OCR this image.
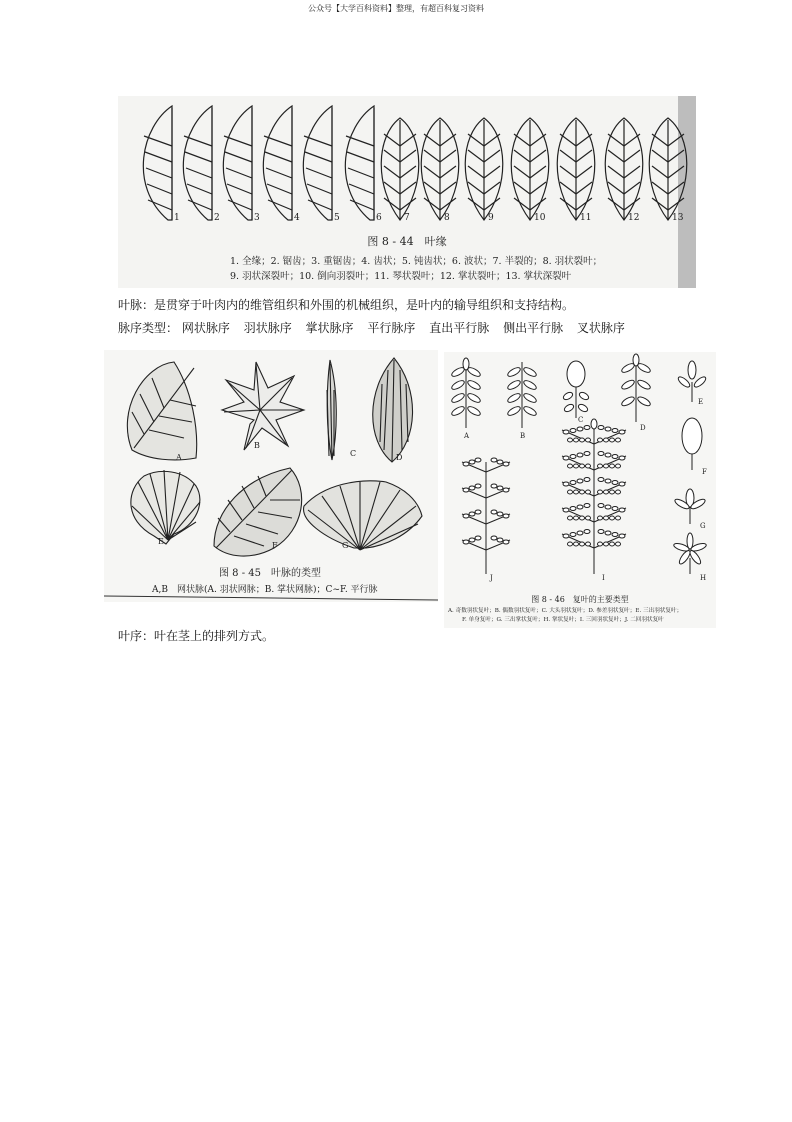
公众号【大学百科资料】整理，有超百科复习资料
1	2	3	4	5	6 7	8	9	10	11	12	13
图 8 - 44　叶缘
1. 全缘；2. 锯齿；3. 重锯齿；4. 齿状；5. 钝齿状；6. 波状；7. 半裂的；8. 羽状裂叶；
9. 羽状深裂叶；10. 倒向羽裂叶；11. 琴状裂叶；12. 掌状裂叶；13. 掌状深裂叶
叶脉：是贯穿于叶肉内的维管组织和外围的机械组织，是叶内的输导组织和支持结构。
脉序类型： 网状脉序 羽状脉序 掌状脉序 平行脉序 直出平行脉 侧出平行脉 叉状脉序
A
B
C	D
E	F	G
图 8 - 45　叶脉的类型
A,B　网状脉(A. 羽状网脉；B. 掌状网脉)；C~F. 平行脉
A	B
C
D
E
F
G
H
J	I
图 8 - 46　复叶的主要类型
A. 奇数羽状复叶；B. 偶数羽状复叶；C. 大头羽状复叶；D. 参差羽状复叶；E. 三出羽状复叶；
F. 单身复叶；G. 三出掌状复叶；H. 掌状复叶；I. 三回羽状复叶；J. 二回羽状复叶
叶序：叶在茎上的排列方式。
